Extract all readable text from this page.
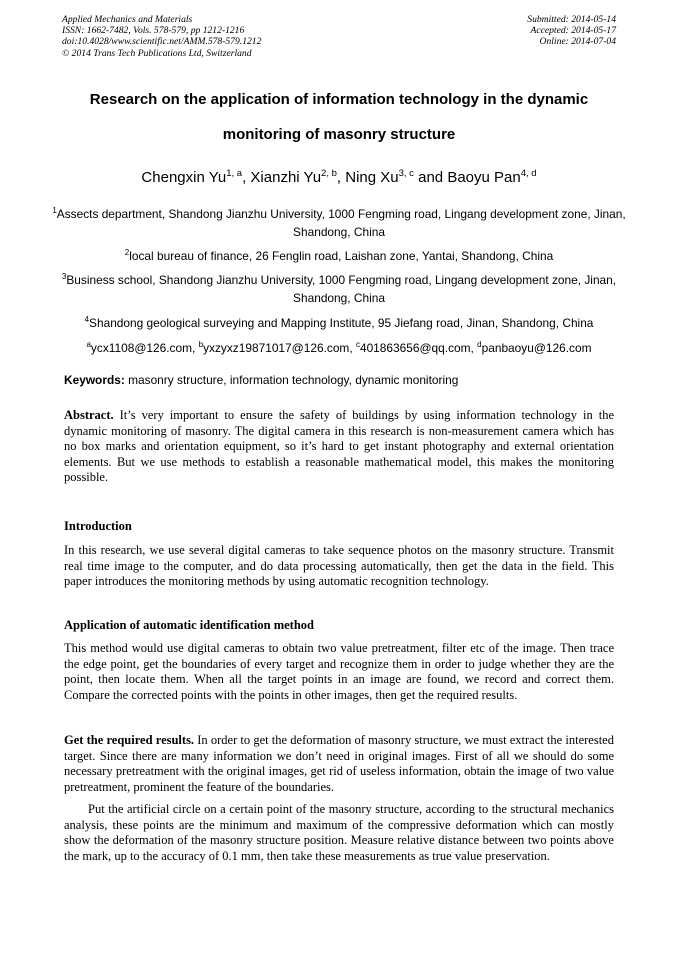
Applied Mechanics and Materials
ISSN: 1662-7482, Vols. 578-579, pp 1212-1216
doi:10.4028/www.scientific.net/AMM.578-579.1212
© 2014 Trans Tech Publications Ltd, Switzerland
Submitted: 2014-05-14
Accepted: 2014-05-17
Online: 2014-07-04
Research on the application of information technology in the dynamic
monitoring of masonry structure
Chengxin Yu$^{1, a}$, Xianzhi Yu$^{2, b}$, Ning Xu$^{3, c}$ and Baoyu Pan$^{4, d}$
$^1$Assects department, Shandong Jianzhu University, 1000 Fengming road, Lingang development zone, Jinan, Shandong, China
$^2$local bureau of finance, 26 Fenglin road, Laishan zone, Yantai, Shandong, China
$^3$Business school, Shandong Jianzhu University, 1000 Fengming road, Lingang development zone, Jinan, Shandong, China
$^4$Shandong geological surveying and Mapping Institute, 95 Jiefang road, Jinan, Shandong, China
$^a$ycx1108@126.com, $^b$yxzyxz19871017@126.com, $^c$401863656@qq.com, $^d$panbaoyu@126.com
Keywords: masonry structure, information technology, dynamic monitoring
Abstract. It’s very important to ensure the safety of buildings by using information technology in the dynamic monitoring of masonry. The digital camera in this research is non-measurement camera which has no box marks and orientation equipment, so it’s hard to get instant photography and external orientation elements. But we use methods to establish a reasonable mathematical model, this makes the monitoring possible.
Introduction
In this research, we use several digital cameras to take sequence photos on the masonry structure. Transmit real time image to the computer, and do data processing automatically, then get the data in the field. This paper introduces the monitoring methods by using automatic recognition technology.
Application of automatic identification method
This method would use digital cameras to obtain two value pretreatment, filter etc of the image. Then trace the edge point, get the boundaries of every target and recognize them in order to judge whether they are the point, then locate them. When all the target points in an image are found, we record and correct them. Compare the corrected points with the points in other images, then get the required results.
Get the required results. In order to get the deformation of masonry structure, we must extract the interested target. Since there are many information we don’t need in original images. First of all we should do some necessary pretreatment with the original images, get rid of useless information, obtain the image of two value pretreatment, prominent the feature of the boundaries.
Put the artificial circle on a certain point of the masonry structure, according to the structural mechanics analysis, these points are the minimum and maximum of the compressive deformation which can mostly show the deformation of the masonry structure position. Measure relative distance between two points above the mark, up to the accuracy of 0.1 mm, then take these measurements as true value preservation.
